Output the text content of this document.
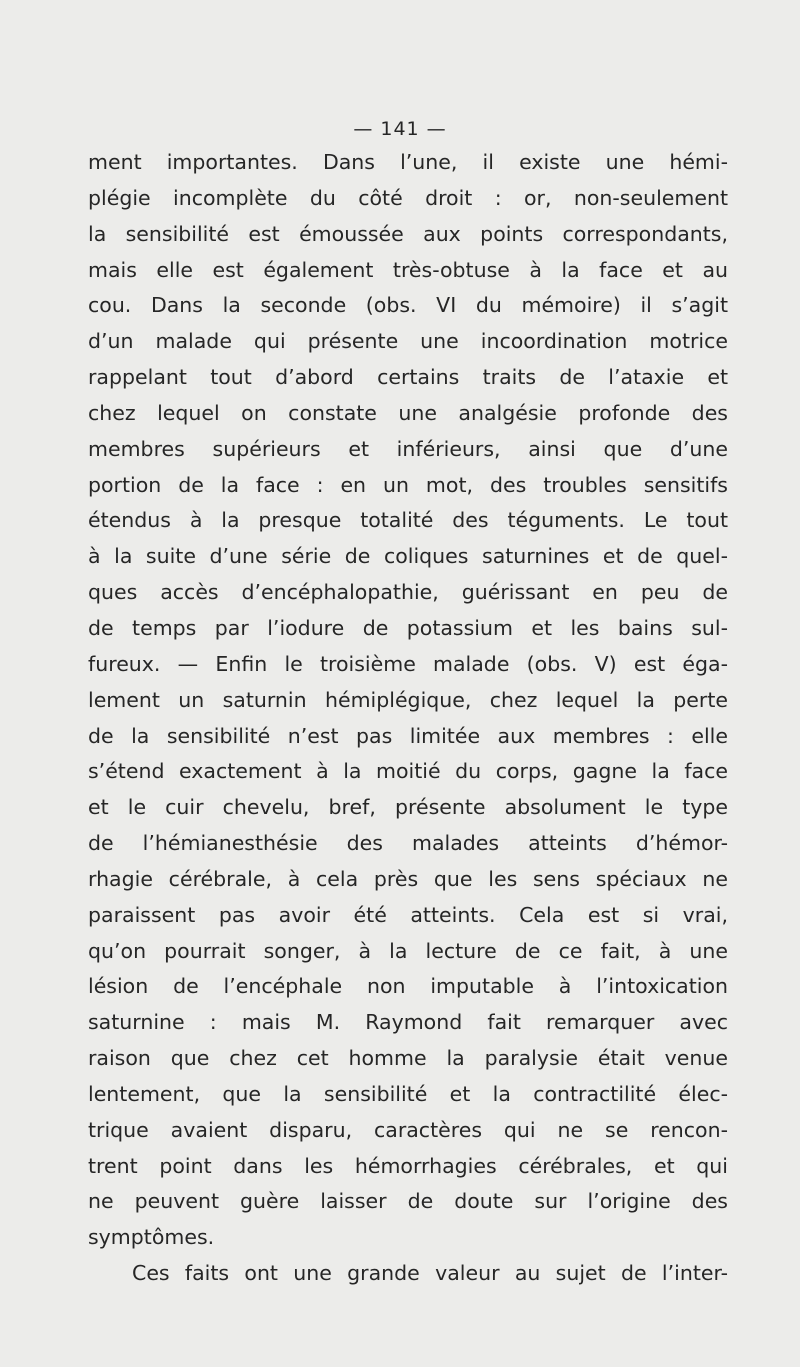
— 141 —
ment importantes. Dans l’une, il existe une hémi-
plégie incomplète du côté droit : or, non-seulement
la sensibilité est émoussée aux points correspondants,
mais elle est également très-obtuse à la face et au
cou. Dans la seconde (obs. VI du mémoire) il s’agit
d’un malade qui présente une incoordination motrice
rappelant tout d’abord certains traits de l’ataxie et
chez lequel on constate une analgésie profonde des
membres supérieurs et inférieurs, ainsi que d’une
portion de la face : en un mot, des troubles sensitifs
étendus à la presque totalité des téguments. Le tout
à la suite d’une série de coliques saturnines et de quel-
ques accès d’encéphalopathie, guérissant en peu de
de temps par l’iodure de potassium et les bains sul-
fureux. — Enfin le troisième malade (obs. V) est éga-
lement un saturnin hémiplégique, chez lequel la perte
de la sensibilité n’est pas limitée aux membres : elle
s’étend exactement à la moitié du corps, gagne la face
et le cuir chevelu, bref, présente absolument le type
de l’hémianesthésie des malades atteints d’hémor-
rhagie cérébrale, à cela près que les sens spéciaux ne
paraissent pas avoir été atteints. Cela est si vrai,
qu’on pourrait songer, à la lecture de ce fait, à une
lésion de l’encéphale non imputable à l’intoxication
saturnine : mais M. Raymond fait remarquer avec
raison que chez cet homme la paralysie était venue
lentement, que la sensibilité et la contractilité élec-
trique avaient disparu, caractères qui ne se rencon-
trent point dans les hémorrhagies cérébrales, et qui
ne peuvent guère laisser de doute sur l’origine des
symptômes.
Ces faits ont une grande valeur au sujet de l’inter-
